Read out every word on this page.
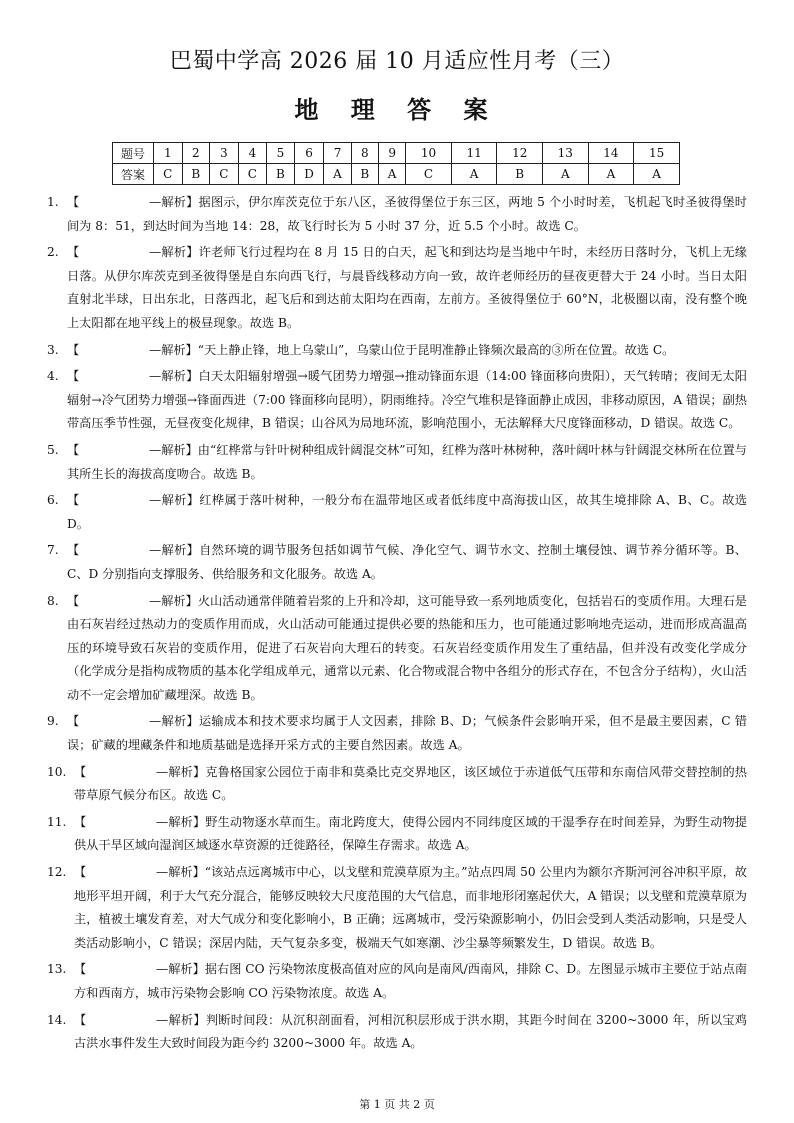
巴蜀中学高 2026 届 10 月适应性月考（三）
地 理 答 案
题号	1	2	3	4	5	6	7	8	9	10	11	12	13	14	15
答案	C	B	C	C	B	D	A	B	A	C	A	B	A	A	A
1. 【	—解析】据图示，伊尔库茨克位于东八区，圣彼得堡位于东三区，两地 5 个小时时差，飞机起飞时圣彼得堡时间为 8：51，到达时间为当地 14：28，故飞行时长为 5 小时 37 分，近 5.5 个小时。故选 C。
2. 【	—解析】许老师飞行过程均在 8 月 15 日的白天，起飞和到达均是当地中午时，未经历日落时分，飞机上无缘日落。从伊尔库茨克到圣彼得堡是自东向西飞行，与晨昏线移动方向一致，故许老师经历的昼夜更替大于 24 小时。当日太阳直射北半球，日出东北，日落西北，起飞后和到达前太阳均在西南，左前方。圣彼得堡位于 60°N，北极圈以南，没有整个晚上太阳都在地平线上的极昼现象。故选 B。
3. 【	—解析】“天上静止锋，地上乌蒙山”，乌蒙山位于昆明准静止锋频次最高的③所在位置。故选 C。
4. 【	—解析】白天太阳辐射增强→暖气团势力增强→推动锋面东退（14:00 锋面移向贵阳），天气转晴；夜间无太阳辐射→冷气团势力增强→锋面西进（7:00 锋面移向昆明），阴雨维持。冷空气堆积是锋面静止成因，非移动原因，A 错误；副热带高压季节性强，无昼夜变化规律，B 错误；山谷风为局地环流，影响范围小，无法解释大尺度锋面移动，D 错误。故选 C。
5. 【	—解析】由“红桦常与针叶树种组成针阔混交林”可知，红桦为落叶林树种，落叶阔叶林与针阔混交林所在位置与其所生长的海拔高度吻合。故选 B。
6. 【	—解析】红桦属于落叶树种，一般分布在温带地区或者低纬度中高海拔山区，故其生境排除 A、B、C。故选 D。
7. 【	—解析】自然环境的调节服务包括如调节气候、净化空气、调节水文、控制土壤侵蚀、调节养分循环等。B、C、D 分别指向支撑服务、供给服务和文化服务。故选 A。
8. 【	—解析】火山活动通常伴随着岩浆的上升和冷却，这可能导致一系列地质变化，包括岩石的变质作用。大理石是由石灰岩经过热动力的变质作用而成，火山活动可能通过提供必要的热能和压力，也可能通过影响地壳运动，进而形成高温高压的环境导致石灰岩的变质作用，促进了石灰岩向大理石的转变。石灰岩经变质作用发生了重结晶，但并没有改变化学成分（化学成分是指构成物质的基本化学组成单元，通常以元素、化合物或混合物中各组分的形式存在，不包含分子结构），火山活动不一定会增加矿藏埋深。故选 B。
9. 【	—解析】运输成本和技术要求均属于人文因素，排除 B、D；气候条件会影响开采，但不是最主要因素，C 错误；矿藏的埋藏条件和地质基础是选择开采方式的主要自然因素。故选 A。
10. 【	—解析】克鲁格国家公园位于南非和莫桑比克交界地区，该区域位于赤道低气压带和东南信风带交替控制的热带草原气候分布区。故选 C。
11. 【	—解析】野生动物逐水草而生。南北跨度大，使得公园内不同纬度区域的干湿季存在时间差异，为野生动物提供从干旱区域向湿润区域逐水草资源的迁徙路径，保障生存需求。故选 A。
12. 【	—解析】“该站点远离城市中心，以戈壁和荒漠草原为主。”站点四周 50 公里内为额尔齐斯河河谷冲积平原，故地形平坦开阔，利于大气充分混合，能够反映较大尺度范围的大气信息，而非地形闭塞起伏大，A 错误；以戈壁和荒漠草原为主，植被土壤发育差，对大气成分和变化影响小，B 正确；远离城市，受污染源影响小，仍旧会受到人类活动影响，只是受人类活动影响小，C 错误；深居内陆，天气复杂多变，极端天气如寒潮、沙尘暴等频繁发生，D 错误。故选 B。
13. 【	—解析】据右图 CO 污染物浓度极高值对应的风向是南风/西南风，排除 C、D。左图显示城市主要位于站点南方和西南方，城市污染物会影响 CO 污染物浓度。故选 A。
14. 【	—解析】判断时间段：从沉积剖面看，河相沉积层形成于洪水期，其距今时间在 3200~3000 年，所以宝鸡古洪水事件发生大致时间段为距今约 3200~3000 年。故选 A。
第 1 页 共 2 页
